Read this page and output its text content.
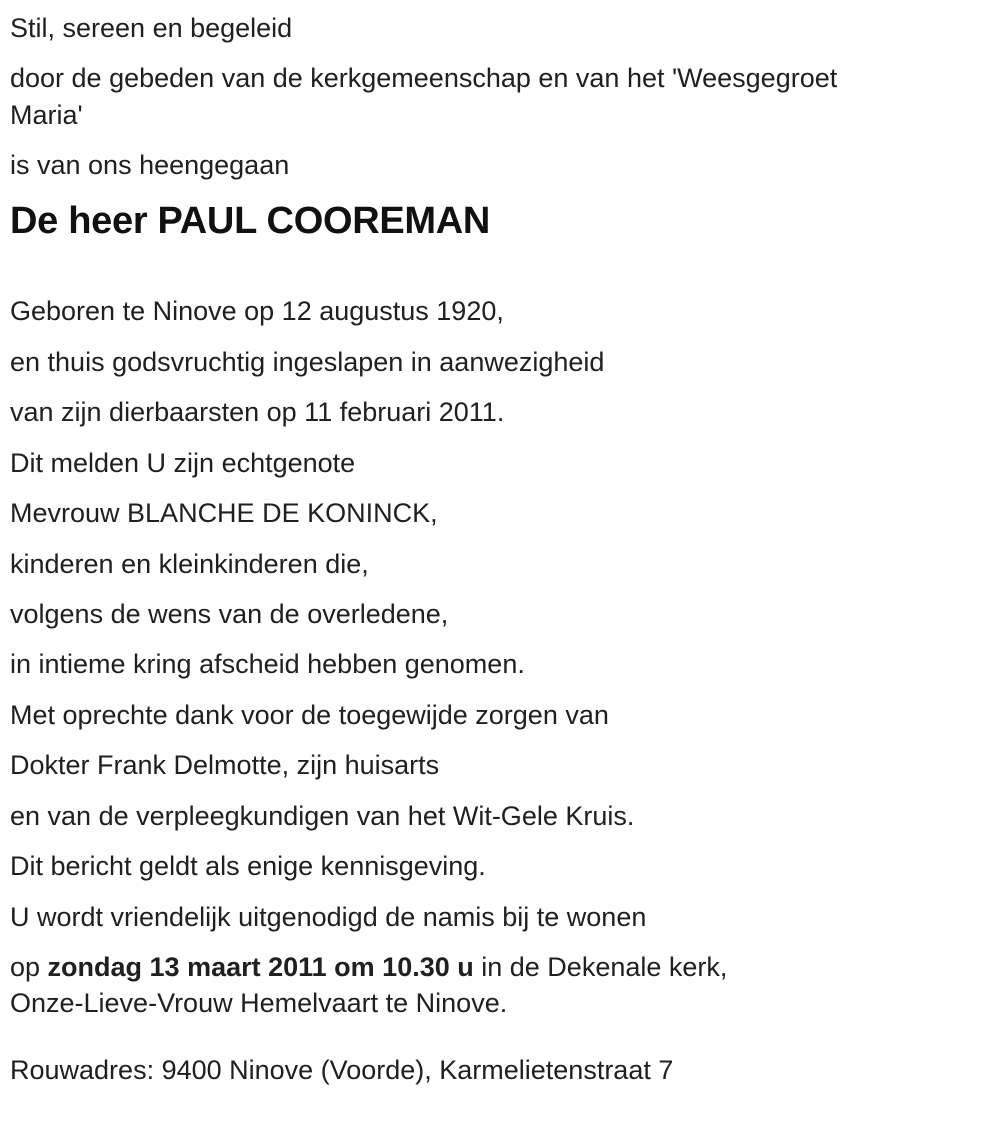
Stil, sereen en begeleid

door de gebeden van de kerkgemeenschap en van het 'Weesgegroet
Maria'

is van ons heengegaan

De heer PAUL COOREMAN

Geboren te Ninove op 12 augustus 1920,

en thuis godsvruchtig ingeslapen in aanwezigheid

van zijn dierbaarsten op 11 februari 2011.

Dit melden U zijn echtgenote

Mevrouw BLANCHE DE KONINCK,

kinderen en kleinkinderen die,

volgens de wens van de overledene,

in intieme kring afscheid hebben genomen.

Met oprechte dank voor de toegewijde zorgen van

Dokter Frank Delmotte, zijn huisarts

en van de verpleegkundigen van het Wit-Gele Kruis.

Dit bericht geldt als enige kennisgeving.

U wordt vriendelijk uitgenodigd de namis bij te wonen

op zondag 13 maart 2011 om 10.30 u in de Dekenale kerk,
Onze-Lieve-Vrouw Hemelvaart te Ninove.

Rouwadres: 9400 Ninove (Voorde), Karmelietenstraat 7
